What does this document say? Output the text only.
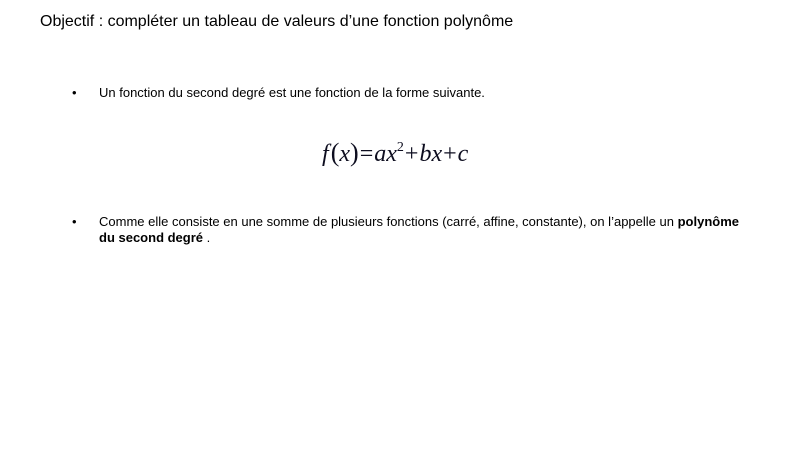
Objectif : compléter un tableau de valeurs d’une fonction polynôme
• Un fonction du second degré est une fonction de la forme suivante.
f $(x)=ax^2+bx+c$
• Comme elle consiste en une somme de plusieurs fonctions (carré, affine, constante), on l’appelle un polynôme du second degré .
